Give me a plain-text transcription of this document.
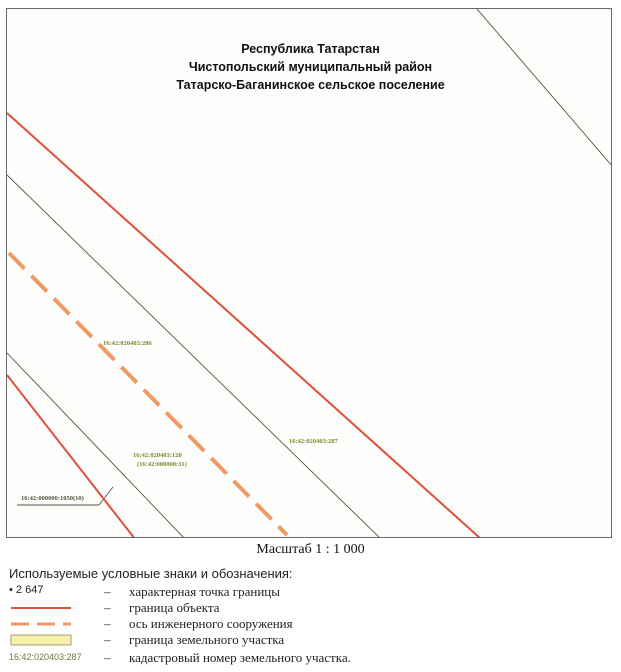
16:42:020403:286
16:42:020403:287
16:42:020403:120
(16:42:000000:31)
16:42:000000:1050(10)
Республика Татарстан
Чистопольский муниципальный район
Татарско-Баганинское сельское поселение
Масштаб 1 : 1 000
Используемые условные знаки и обозначения:
• 2 647	– характерная точка границы
– граница объекта
– ось инженерного сооружения
– граница земельного участка
16:42:020403:287	– кадастровый номер земельного участка.
